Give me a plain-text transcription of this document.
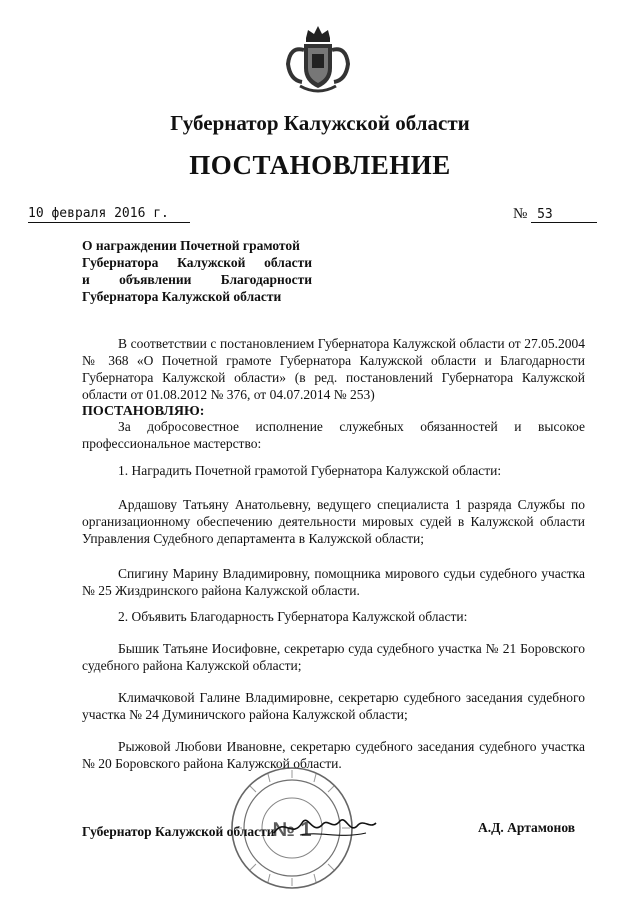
Губернатор Калужской области
ПОСТАНОВЛЕНИЕ
10 февраля 2016 г.	№ 53
О награждении Почетной грамотой
Губернатора Калужской области
и объявлении Благодарности
Губернатора Калужской области
В соответствии с постановлением Губернатора Калужской области от 27.05.2004 № 368 «О Почетной грамоте Губернатора Калужской области и Благодарности Губернатора Калужской области» (в ред. постановлений Губернатора Калужской области от 01.08.2012 № 376, от 04.07.2014 № 253)
ПОСТАНОВЛЯЮ:
За добросовестное исполнение служебных обязанностей и высокое профессиональное мастерство:
1. Наградить Почетной грамотой Губернатора Калужской области:
Ардашову Татьяну Анатольевну, ведущего специалиста 1 разряда Службы по организационному обеспечению деятельности мировых судей в Калужской области Управления Судебного департамента в Калужской области;
Спигину Марину Владимировну, помощника мирового судьи судебного участка № 25 Жиздринского района Калужской области.
2. Объявить Благодарность Губернатора Калужской области:
Бышик Татьяне Иосифовне, секретарю суда судебного участка № 21 Боровского судебного района Калужской области;
Климачковой Галине Владимировне, секретарю судебного заседания судебного участка № 24 Думиничского района Калужской области;
Рыжовой Любови Ивановне, секретарю судебного заседания судебного участка № 20 Боровского района Калужской области.
Губернатор Калужской области	А.Д. Артамонов
№ 1
